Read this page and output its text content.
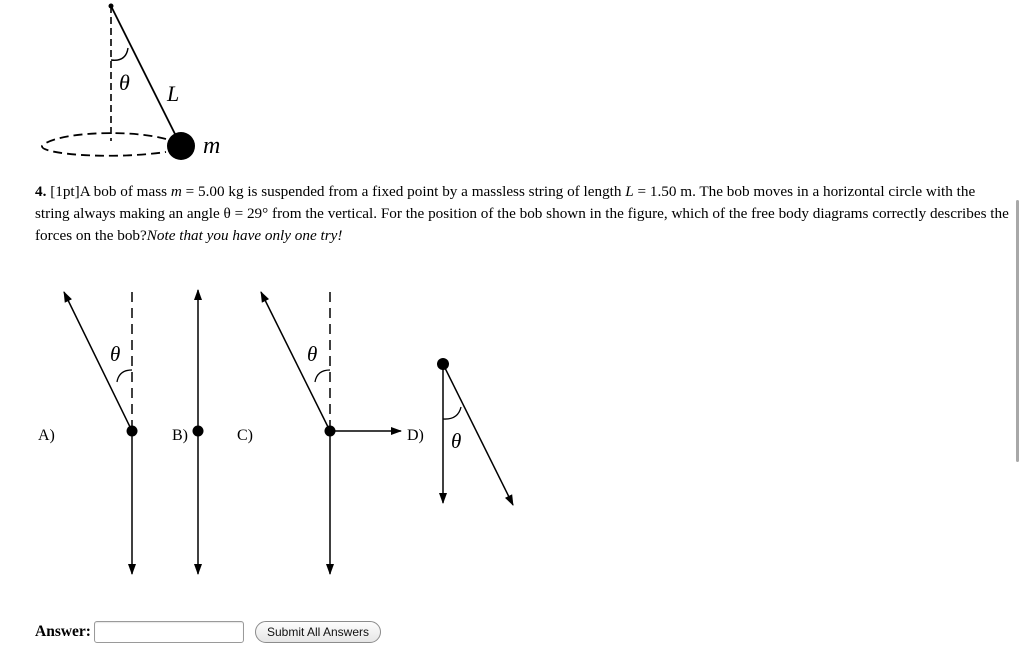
θ L
m
4. [1pt]A bob of mass m = 5.00 kg is suspended from a fixed point by a massless string of length L = 1.50 m. The bob moves in a horizontal circle with the string always making an angle θ = 29° from the vertical. For the position of the bob shown in the figure, which of the free body diagrams correctly describes the forces on the bob?Note that you have only one try!
θ	θ
θ
A)	B)	C)	D)
Answer:	Submit All Answers
